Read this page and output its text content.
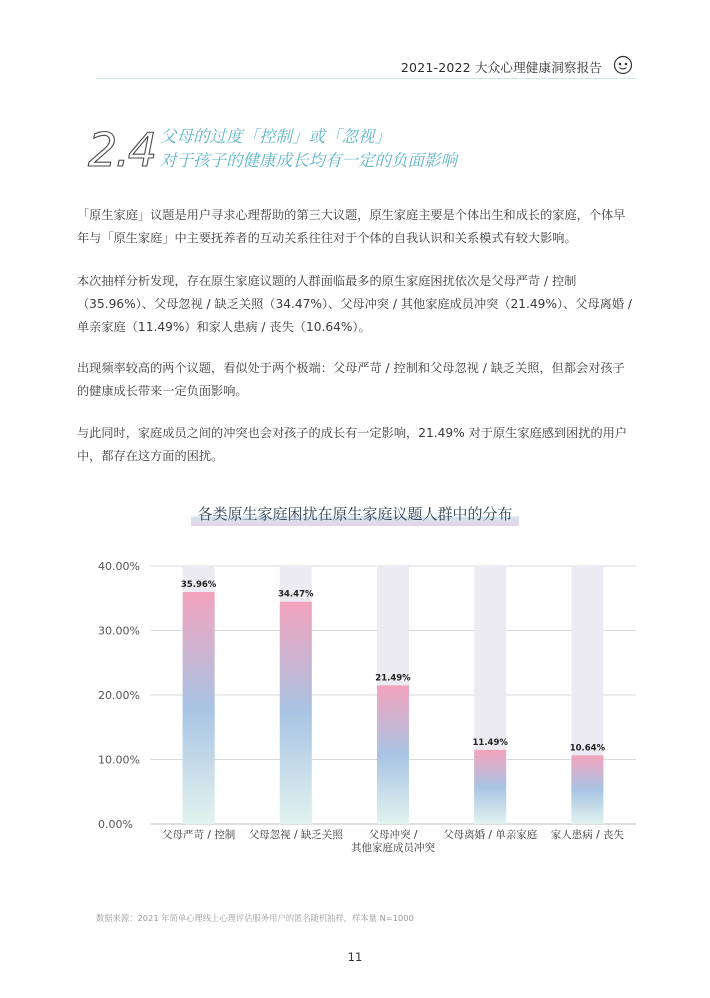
2021-2022 大众心理健康洞察报告
2.4 父母的过度「控制」或「忽视」
对于孩子的健康成长均有一定的负面影响
「原生家庭」议题是用户寻求心理帮助的第三大议题，原生家庭主要是个体出生和成长的家庭，个体早年与「原生家庭」中主要抚养者的互动关系往往对于个体的自我认识和关系模式有较大影响。
本次抽样分析发现，存在原生家庭议题的人群面临最多的原生家庭困扰依次是父母严苛 / 控制（35.96%）、父母忽视 / 缺乏关照（34.47%）、父母冲突 / 其他家庭成员冲突（21.49%）、父母离婚 / 单亲家庭（11.49%）和家人患病 / 丧失（10.64%）。
出现频率较高的两个议题，看似处于两个极端：父母严苛 / 控制和父母忽视 / 缺乏关照，但都会对孩子的健康成长带来一定负面影响。
与此同时，家庭成员之间的冲突也会对孩子的成长有一定影响，21.49% 对于原生家庭感到困扰的用户中，都存在这方面的困扰。
各类原生家庭困扰在原生家庭议题人群中的分布
0.00%
10.00%
20.00%
30.00%
40.00%
35.96%
父母严苛 / 控制
34.47%
父母忽视 / 缺乏关照
21.49%
父母冲突 /
其他家庭成员冲突
11.49%
父母离婚 / 单亲家庭
10.64%
家人患病 / 丧失
数据来源：2021 年简单心理线上心理评估服务用户的匿名随机抽样，样本量 N=1000
11
